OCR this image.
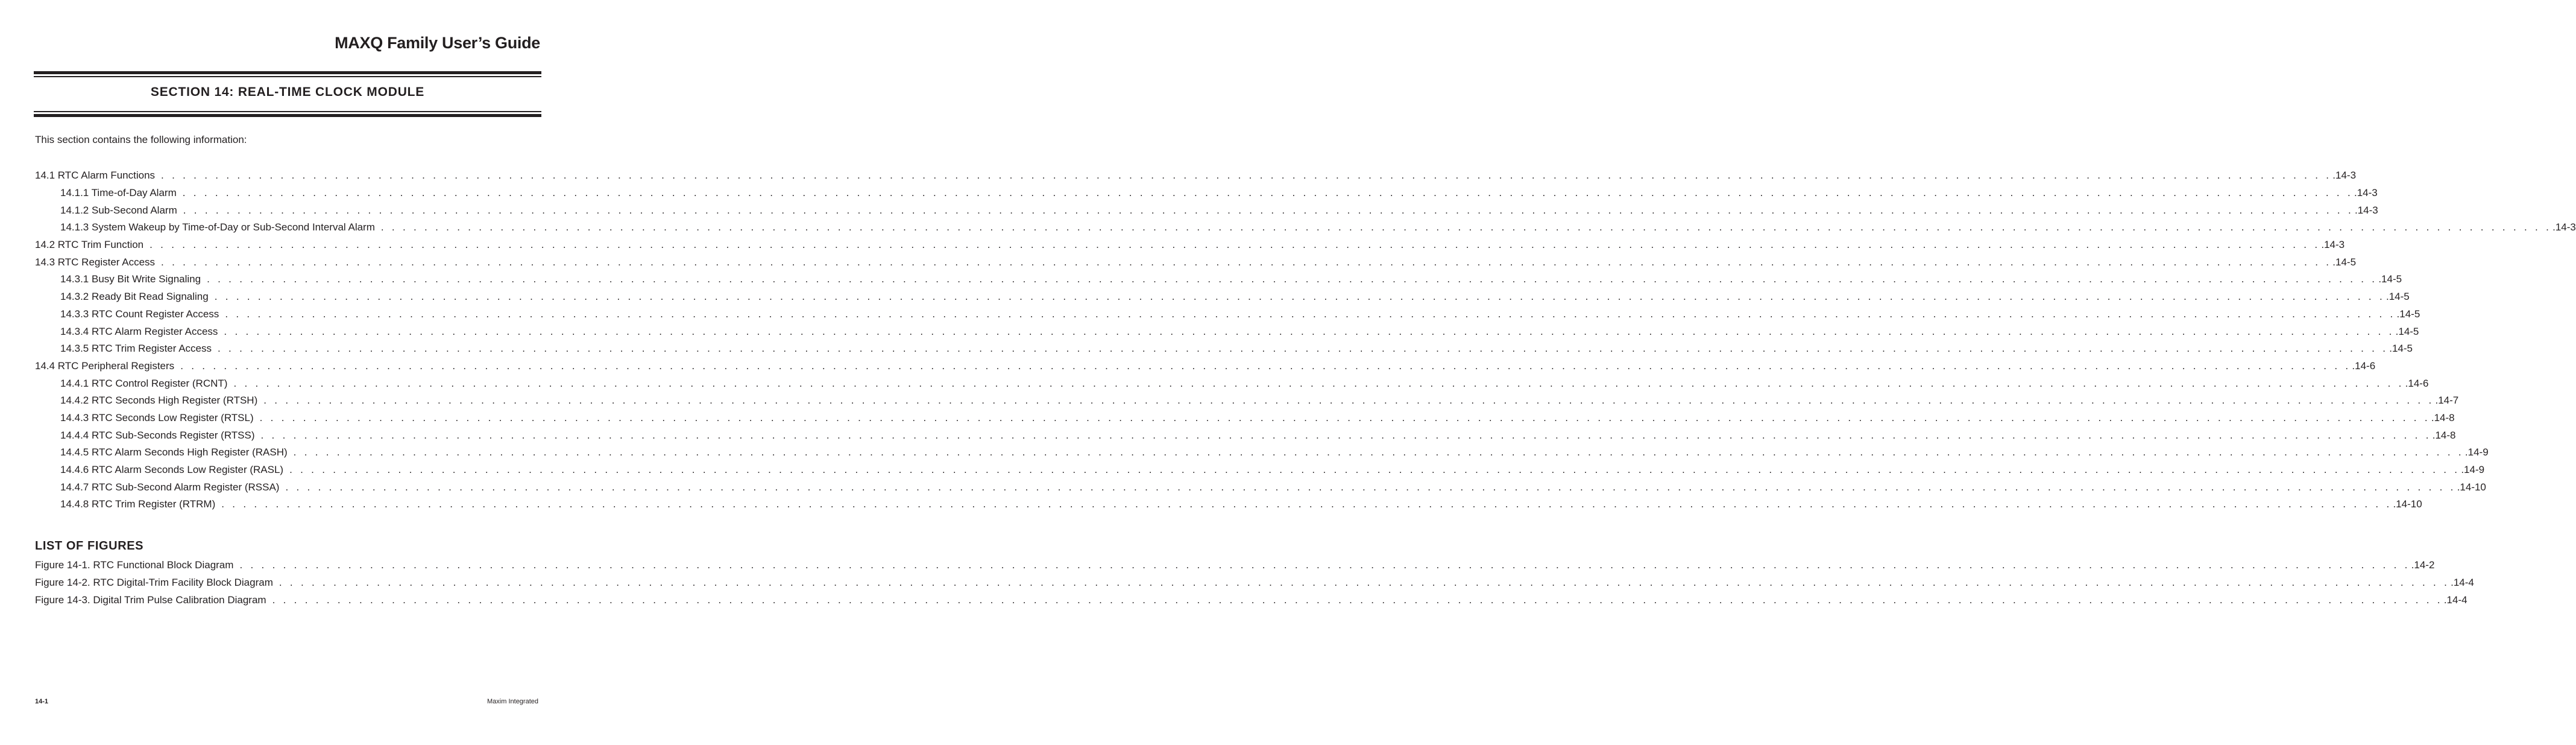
MAXQ Family User’s Guide
SECTION 14: REAL-TIME CLOCK MODULE
This section contains the following information:
14.1 RTC Alarm Functions . . . . . . . . . . . . . . . . . . . . . . . . . . . . . . . . . . . . . . . . . . . . . . . . . . . . . . . . . . . . . . . . . . . . . . . . . . . . . . . . . . . . . . . . . . . . . . . . . . . . . . . . . . . . . . . . . . . . . . . . . . . . . . . . . . . . . . . . . . . . . . . . . . . . . . . . . . . . . . . . . . . . . . . . . . . . . . . . . . . . . . . . . . . . . . . . . . . . . . . . .14-3
14.1.1 Time-of-Day Alarm . . . . . . . . . . . . . . . . . . . . . . . . . . . . . . . . . . . . . . . . . . . . . . . . . . . . . . . . . . . . . . . . . . . . . . . . . . . . . . . . . . . . . . . . . . . . . . . . . . . . . . . . . . . . . . . . . . . . . . . . . . . . . . . . . . . . . . . . . . . . . . . . . . . . . . . . . . . . . . . . . . . . . . . . . . . . . . . . . . . . . . . . . . . . . . . . . . . . . . . . .14-3
14.1.2 Sub-Second Alarm . . . . . . . . . . . . . . . . . . . . . . . . . . . . . . . . . . . . . . . . . . . . . . . . . . . . . . . . . . . . . . . . . . . . . . . . . . . . . . . . . . . . . . . . . . . . . . . . . . . . . . . . . . . . . . . . . . . . . . . . . . . . . . . . . . . . . . . . . . . . . . . . . . . . . . . . . . . . . . . . . . . . . . . . . . . . . . . . . . . . . . . . . . . . . . . . . . . . . . . . .14-3
14.1.3 System Wakeup by Time-of-Day or Sub-Second Interval Alarm . . . . . . . . . . . . . . . . . . . . . . . . . . . . . . . . . . . . . . . . . . . . . . . . . . . . . . . . . . . . . . . . . . . . . . . . . . . . . . . . . . . . . . . . . . . . . . . . . . . . . . . . . . . . . . . . . . . . . . . . . . . . . . . . . . . . . . . . . . . . . . . . . . . . . . . . . . . . . . . . . . . . . . . . . . . . . . . . . . . . . . . . . . . . . . . . . . . . . . . . .14-3
14.2 RTC Trim Function . . . . . . . . . . . . . . . . . . . . . . . . . . . . . . . . . . . . . . . . . . . . . . . . . . . . . . . . . . . . . . . . . . . . . . . . . . . . . . . . . . . . . . . . . . . . . . . . . . . . . . . . . . . . . . . . . . . . . . . . . . . . . . . . . . . . . . . . . . . . . . . . . . . . . . . . . . . . . . . . . . . . . . . . . . . . . . . . . . . . . . . . . . . . . . . . . . . . . . . . .14-3
14.3 RTC Register Access . . . . . . . . . . . . . . . . . . . . . . . . . . . . . . . . . . . . . . . . . . . . . . . . . . . . . . . . . . . . . . . . . . . . . . . . . . . . . . . . . . . . . . . . . . . . . . . . . . . . . . . . . . . . . . . . . . . . . . . . . . . . . . . . . . . . . . . . . . . . . . . . . . . . . . . . . . . . . . . . . . . . . . . . . . . . . . . . . . . . . . . . . . . . . . . . . . . . . . . . .14-5
14.3.1 Busy Bit Write Signaling . . . . . . . . . . . . . . . . . . . . . . . . . . . . . . . . . . . . . . . . . . . . . . . . . . . . . . . . . . . . . . . . . . . . . . . . . . . . . . . . . . . . . . . . . . . . . . . . . . . . . . . . . . . . . . . . . . . . . . . . . . . . . . . . . . . . . . . . . . . . . . . . . . . . . . . . . . . . . . . . . . . . . . . . . . . . . . . . . . . . . . . . . . . . . . . . . . . . . . . . .14-5
14.3.2 Ready Bit Read Signaling . . . . . . . . . . . . . . . . . . . . . . . . . . . . . . . . . . . . . . . . . . . . . . . . . . . . . . . . . . . . . . . . . . . . . . . . . . . . . . . . . . . . . . . . . . . . . . . . . . . . . . . . . . . . . . . . . . . . . . . . . . . . . . . . . . . . . . . . . . . . . . . . . . . . . . . . . . . . . . . . . . . . . . . . . . . . . . . . . . . . . . . . . . . . . . . . . . . . . . . . .14-5
14.3.3 RTC Count Register Access . . . . . . . . . . . . . . . . . . . . . . . . . . . . . . . . . . . . . . . . . . . . . . . . . . . . . . . . . . . . . . . . . . . . . . . . . . . . . . . . . . . . . . . . . . . . . . . . . . . . . . . . . . . . . . . . . . . . . . . . . . . . . . . . . . . . . . . . . . . . . . . . . . . . . . . . . . . . . . . . . . . . . . . . . . . . . . . . . . . . . . . . . . . . . . . . . . . . . . . . .14-5
14.3.4 RTC Alarm Register Access . . . . . . . . . . . . . . . . . . . . . . . . . . . . . . . . . . . . . . . . . . . . . . . . . . . . . . . . . . . . . . . . . . . . . . . . . . . . . . . . . . . . . . . . . . . . . . . . . . . . . . . . . . . . . . . . . . . . . . . . . . . . . . . . . . . . . . . . . . . . . . . . . . . . . . . . . . . . . . . . . . . . . . . . . . . . . . . . . . . . . . . . . . . . . . . . . . . . . . . . .14-5
14.3.5 RTC Trim Register Access . . . . . . . . . . . . . . . . . . . . . . . . . . . . . . . . . . . . . . . . . . . . . . . . . . . . . . . . . . . . . . . . . . . . . . . . . . . . . . . . . . . . . . . . . . . . . . . . . . . . . . . . . . . . . . . . . . . . . . . . . . . . . . . . . . . . . . . . . . . . . . . . . . . . . . . . . . . . . . . . . . . . . . . . . . . . . . . . . . . . . . . . . . . . . . . . . . . . . . . . .14-5
14.4 RTC Peripheral Registers . . . . . . . . . . . . . . . . . . . . . . . . . . . . . . . . . . . . . . . . . . . . . . . . . . . . . . . . . . . . . . . . . . . . . . . . . . . . . . . . . . . . . . . . . . . . . . . . . . . . . . . . . . . . . . . . . . . . . . . . . . . . . . . . . . . . . . . . . . . . . . . . . . . . . . . . . . . . . . . . . . . . . . . . . . . . . . . . . . . . . . . . . . . . . . . . . . . . . . . . .14-6
14.4.1 RTC Control Register (RCNT) . . . . . . . . . . . . . . . . . . . . . . . . . . . . . . . . . . . . . . . . . . . . . . . . . . . . . . . . . . . . . . . . . . . . . . . . . . . . . . . . . . . . . . . . . . . . . . . . . . . . . . . . . . . . . . . . . . . . . . . . . . . . . . . . . . . . . . . . . . . . . . . . . . . . . . . . . . . . . . . . . . . . . . . . . . . . . . . . . . . . . . . . . . . . . . . . . . . . . . . . .14-6
14.4.2 RTC Seconds High Register (RTSH) . . . . . . . . . . . . . . . . . . . . . . . . . . . . . . . . . . . . . . . . . . . . . . . . . . . . . . . . . . . . . . . . . . . . . . . . . . . . . . . . . . . . . . . . . . . . . . . . . . . . . . . . . . . . . . . . . . . . . . . . . . . . . . . . . . . . . . . . . . . . . . . . . . . . . . . . . . . . . . . . . . . . . . . . . . . . . . . . . . . . . . . . . . . . . . . . . . . . . . . . .14-7
14.4.3 RTC Seconds Low Register (RTSL) . . . . . . . . . . . . . . . . . . . . . . . . . . . . . . . . . . . . . . . . . . . . . . . . . . . . . . . . . . . . . . . . . . . . . . . . . . . . . . . . . . . . . . . . . . . . . . . . . . . . . . . . . . . . . . . . . . . . . . . . . . . . . . . . . . . . . . . . . . . . . . . . . . . . . . . . . . . . . . . . . . . . . . . . . . . . . . . . . . . . . . . . . . . . . . . . . . . . . . . . .14-8
14.4.4 RTC Sub-Seconds Register (RTSS) . . . . . . . . . . . . . . . . . . . . . . . . . . . . . . . . . . . . . . . . . . . . . . . . . . . . . . . . . . . . . . . . . . . . . . . . . . . . . . . . . . . . . . . . . . . . . . . . . . . . . . . . . . . . . . . . . . . . . . . . . . . . . . . . . . . . . . . . . . . . . . . . . . . . . . . . . . . . . . . . . . . . . . . . . . . . . . . . . . . . . . . . . . . . . . . . . . . . . . . . .14-8
14.4.5 RTC Alarm Seconds High Register (RASH) . . . . . . . . . . . . . . . . . . . . . . . . . . . . . . . . . . . . . . . . . . . . . . . . . . . . . . . . . . . . . . . . . . . . . . . . . . . . . . . . . . . . . . . . . . . . . . . . . . . . . . . . . . . . . . . . . . . . . . . . . . . . . . . . . . . . . . . . . . . . . . . . . . . . . . . . . . . . . . . . . . . . . . . . . . . . . . . . . . . . . . . . . . . . . . . . . . . . . . . . .14-9
14.4.6 RTC Alarm Seconds Low Register (RASL) . . . . . . . . . . . . . . . . . . . . . . . . . . . . . . . . . . . . . . . . . . . . . . . . . . . . . . . . . . . . . . . . . . . . . . . . . . . . . . . . . . . . . . . . . . . . . . . . . . . . . . . . . . . . . . . . . . . . . . . . . . . . . . . . . . . . . . . . . . . . . . . . . . . . . . . . . . . . . . . . . . . . . . . . . . . . . . . . . . . . . . . . . . . . . . . . . . . . . . . . .14-9
14.4.7 RTC Sub-Second Alarm Register (RSSA) . . . . . . . . . . . . . . . . . . . . . . . . . . . . . . . . . . . . . . . . . . . . . . . . . . . . . . . . . . . . . . . . . . . . . . . . . . . . . . . . . . . . . . . . . . . . . . . . . . . . . . . . . . . . . . . . . . . . . . . . . . . . . . . . . . . . . . . . . . . . . . . . . . . . . . . . . . . . . . . . . . . . . . . . . . . . . . . . . . . . . . . . . . . . . . . . . . . . . . . . .14-10
14.4.8 RTC Trim Register (RTRM) . . . . . . . . . . . . . . . . . . . . . . . . . . . . . . . . . . . . . . . . . . . . . . . . . . . . . . . . . . . . . . . . . . . . . . . . . . . . . . . . . . . . . . . . . . . . . . . . . . . . . . . . . . . . . . . . . . . . . . . . . . . . . . . . . . . . . . . . . . . . . . . . . . . . . . . . . . . . . . . . . . . . . . . . . . . . . . . . . . . . . . . . . . . . . . . . . . . . . . . . .14-10
LIST OF FIGURES
Figure 14-1. RTC Functional Block Diagram . . . . . . . . . . . . . . . . . . . . . . . . . . . . . . . . . . . . . . . . . . . . . . . . . . . . . . . . . . . . . . . . . . . . . . . . . . . . . . . . . . . . . . . . . . . . . . . . . . . . . . . . . . . . . . . . . . . . . . . . . . . . . . . . . . . . . . . . . . . . . . . . . . . . . . . . . . . . . . . . . . . . . . . . . . . . . . . . . . . . . . . . . . . . . . . . . . . . . . . . .14-2
Figure 14-2. RTC Digital-Trim Facility Block Diagram . . . . . . . . . . . . . . . . . . . . . . . . . . . . . . . . . . . . . . . . . . . . . . . . . . . . . . . . . . . . . . . . . . . . . . . . . . . . . . . . . . . . . . . . . . . . . . . . . . . . . . . . . . . . . . . . . . . . . . . . . . . . . . . . . . . . . . . . . . . . . . . . . . . . . . . . . . . . . . . . . . . . . . . . . . . . . . . . . . . . . . . . . . . . . . . . . . . . . . . . .14-4
Figure 14-3. Digital Trim Pulse Calibration Diagram . . . . . . . . . . . . . . . . . . . . . . . . . . . . . . . . . . . . . . . . . . . . . . . . . . . . . . . . . . . . . . . . . . . . . . . . . . . . . . . . . . . . . . . . . . . . . . . . . . . . . . . . . . . . . . . . . . . . . . . . . . . . . . . . . . . . . . . . . . . . . . . . . . . . . . . . . . . . . . . . . . . . . . . . . . . . . . . . . . . . . . . . . . . . . . . . . . . . . . . . .14-4
14-1	Maxim Integrated
